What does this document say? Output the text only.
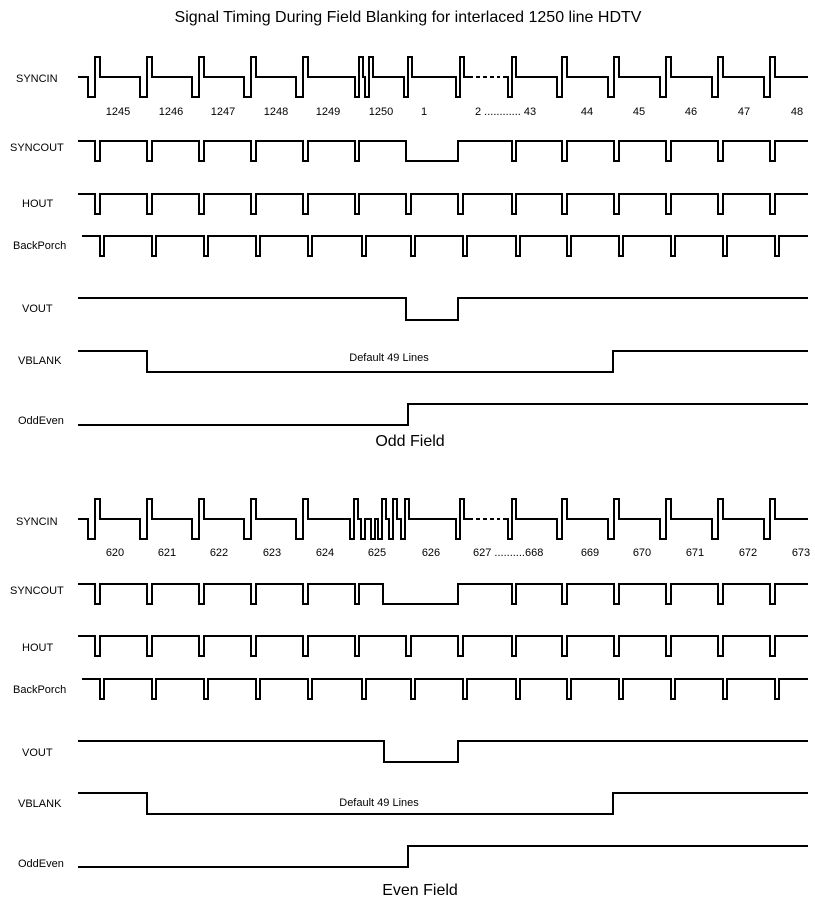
Signal Timing During Field Blanking for interlaced 1250 line HDTV
SYNCIN
SYNCOUT
HOUT
BackPorch
VOUT
VBLANK
OddEven
1245	1246	1247	1248	1249	1250	1	2 ............ 43	44	45	46	47	48
Default 49 Lines
Odd Field
SYNCIN
SYNCOUT
HOUT
BackPorch
VOUT
VBLANK
OddEven
620	621	622	623	624	625	626	627 ..........668	669	670	671	672	673
Default 49 Lines
Even Field
